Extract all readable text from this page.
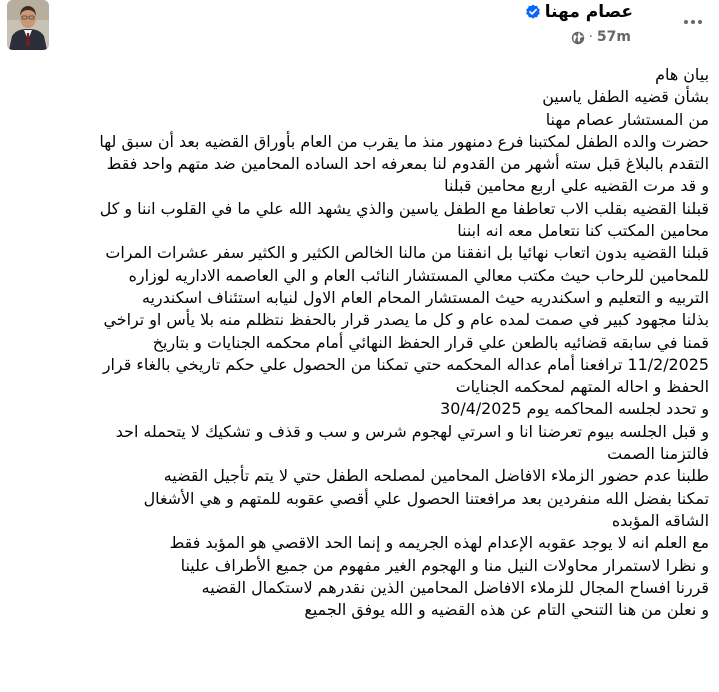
عصام مهنا
57m
·

بيان هام

بشأن قضيه الطفل ياسين

من المستشار عصام مهنا

حضرت والده الطفل لمكتبنا فرع دمنهور منذ ما يقرب من العام بأوراق القضيه بعد أن سبق لها

التقدم بالبلاغ قبل سته أشهر من القدوم لنا بمعرفه احد الساده المحامين ضد متهم واحد فقط

و قد مرت القضيه علي اربع محامين قبلنا

قبلنا القضيه بقلب الاب تعاطفا مع الطفل ياسين والذي يشهد الله علي ما في القلوب اننا و كل

محامين المكتب كنا نتعامل معه انه ابننا

قبلنا القضيه بدون اتعاب نهائيا بل انفقنا من مالنا الخالص الكثير و الكثير سفر عشرات المرات

للمحامين للرحاب حيث مكتب معالي المستشار النائب العام و الي العاصمه الاداريه لوزاره

التربيه و التعليم و اسكندريه حيث المستشار المحام العام الاول لنيابه استئناف اسكندريه

بذلنا مجهود كبير في صمت لمده عام و كل ما يصدر قرار بالحفظ نتظلم منه بلا يأس او تراخي

قمنا في سابقه قضائيه بالطعن علي قرار الحفظ النهائي أمام محكمه الجنايات و بتاريخ

11/2/2025 ترافعنا أمام عداله المحكمه حتي تمكنا من الحصول علي حكم تاريخي بالغاء قرار

الحفظ و احاله المتهم لمحكمه الجنايات

و تحدد لجلسه المحاكمه يوم 30/4/2025

و قبل الجلسه بيوم تعرضنا انا و اسرتي لهجوم شرس و سب و قذف و تشكيك لا يتحمله احد

فالتزمنا الصمت

طلبنا عدم حضور الزملاء الافاضل المحامين لمصلحه الطفل حتي لا يتم تأجيل القضيه

تمكنا بفضل الله منفردين بعد مرافعتنا الحصول علي أقصي عقوبه للمتهم و هي الأشغال

الشاقه المؤبده

مع العلم انه لا يوجد عقوبه الإعدام لهذه الجريمه و إنما الحد الاقصي هو المؤبد فقط

و نظرا لاستمرار محاولات النيل منا و الهجوم الغير مفهوم من جميع الأطراف علينا

قررنا افساح المجال للزملاء الافاضل المحامين الذين نقدرهم لاستكمال القضيه

و نعلن من هنا التنحي التام عن هذه القضيه و الله يوفق الجميع
